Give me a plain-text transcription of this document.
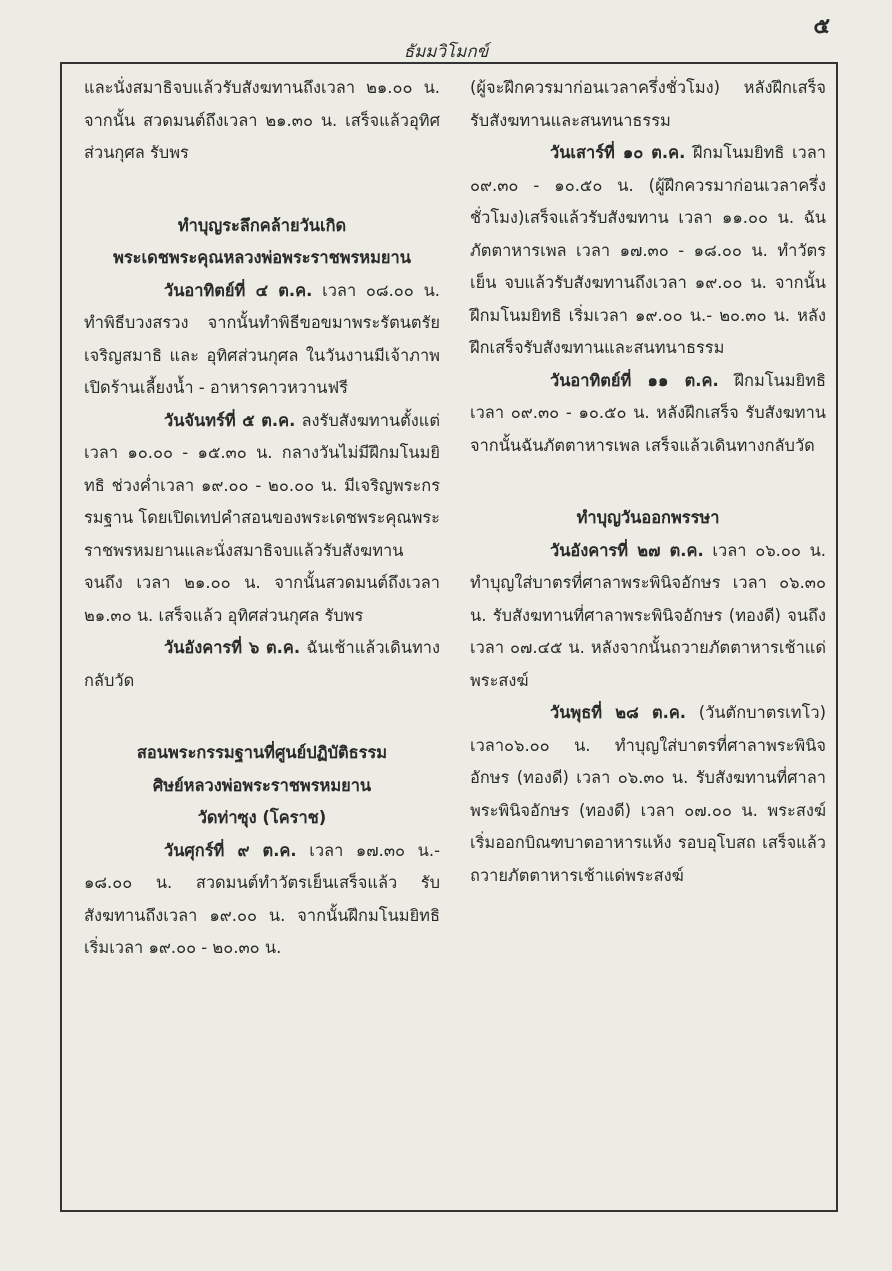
๕
ธัมมวิโมกข์

และนั่งสมาธิจบแล้วรับสังฆทานถึงเวลา ๒๑.๐๐ น. จากนั้น สวดมนต์ถึงเวลา ๒๑.๓๐ น. เสร็จแล้วอุทิศส่วนกุศล รับพร

ทำบุญระลึกคล้ายวันเกิด

พระเดชพระคุณหลวงพ่อพระราชพรหมยาน

วันอาทิตย์ที่ ๔ ต.ค. เวลา ๐๘.๐๐ น. ทำพิธีบวงสรวง จากนั้นทำพิธีขอขมาพระรัตนตรัย เจริญสมาธิ และ อุทิศส่วนกุศล ในวันงานมีเจ้าภาพเปิดร้านเลี้ยงน้ำ - อาหารคาวหวานฟรี

วันจันทร์ที่ ๕ ต.ค. ลงรับสังฆทานตั้งแต่เวลา ๑๐.๐๐ - ๑๕.๓๐ น. กลางวันไม่มีฝึกมโนมยิทธิ ช่วงค่ำเวลา ๑๙.๐๐ - ๒๐.๐๐ น. มีเจริญพระกรรมฐาน โดยเปิดเทปคำสอนของพระเดชพระคุณพระราชพรหมยานและนั่งสมาธิจบแล้วรับสังฆทานจนถึง เวลา ๒๑.๐๐ น. จากนั้นสวดมนต์ถึงเวลา ๒๑.๓๐ น. เสร็จแล้ว อุทิศส่วนกุศล รับพร

วันอังคารที่ ๖ ต.ค. ฉันเช้าแล้วเดินทางกลับวัด

สอนพระกรรมฐานที่ศูนย์ปฏิบัติธรรม

ศิษย์หลวงพ่อพระราชพรหมยาน

วัดท่าซุง (โคราช)

วันศุกร์ที่ ๙ ต.ค. เวลา ๑๗.๓๐ น.- ๑๘.๐๐ น. สวดมนต์ทำวัตรเย็นเสร็จแล้ว รับสังฆทานถึงเวลา ๑๙.๐๐ น. จากนั้นฝึกมโนมยิทธิ เริ่มเวลา ๑๙.๐๐ - ๒๐.๓๐ น.

(ผู้จะฝึกควรมาก่อนเวลาครึ่งชั่วโมง) หลังฝึกเสร็จ รับสังฆทานและสนทนาธรรม

วันเสาร์ที่ ๑๐ ต.ค. ฝึกมโนมยิทธิ เวลา ๐๙.๓๐ - ๑๐.๕๐ น. (ผู้ฝึกควรมาก่อนเวลาครึ่งชั่วโมง)เสร็จแล้วรับสังฆทาน เวลา ๑๑.๐๐ น. ฉันภัตตาหารเพล เวลา ๑๗.๓๐ - ๑๘.๐๐ น. ทำวัตรเย็น จบแล้วรับสังฆทานถึงเวลา ๑๙.๐๐ น. จากนั้น ฝึกมโนมยิทธิ เริ่มเวลา ๑๙.๐๐ น.- ๒๐.๓๐ น. หลังฝึกเสร็จรับสังฆทานและสนทนาธรรม

วันอาทิตย์ที่ ๑๑ ต.ค. ฝึกมโนมยิทธิ เวลา ๐๙.๓๐ - ๑๐.๕๐ น. หลังฝึกเสร็จ รับสังฆทาน จากนั้นฉันภัตตาหารเพล เสร็จแล้วเดินทางกลับวัด

ทำบุญวันออกพรรษา

วันอังคารที่ ๒๗ ต.ค. เวลา ๐๖.๐๐ น. ทำบุญใส่บาตรที่ศาลาพระพินิจอักษร เวลา ๐๖.๓๐ น. รับสังฆทานที่ศาลาพระพินิจอักษร (ทองดี) จนถึงเวลา ๐๗.๔๕ น. หลังจากนั้นถวายภัตตาหารเช้าแด่พระสงฆ์

วันพุธที่ ๒๘ ต.ค. (วันตักบาตรเทโว) เวลา๐๖.๐๐ น. ทำบุญใส่บาตรที่ศาลาพระพินิจอักษร (ทองดี) เวลา ๐๖.๓๐ น. รับสังฆทานที่ศาลาพระพินิจอักษร (ทองดี) เวลา ๐๗.๐๐ น. พระสงฆ์ เริ่มออกบิณฑบาตอาหารแห้ง รอบอุโบสถ เสร็จแล้ว ถวายภัตตาหารเช้าแด่พระสงฆ์
